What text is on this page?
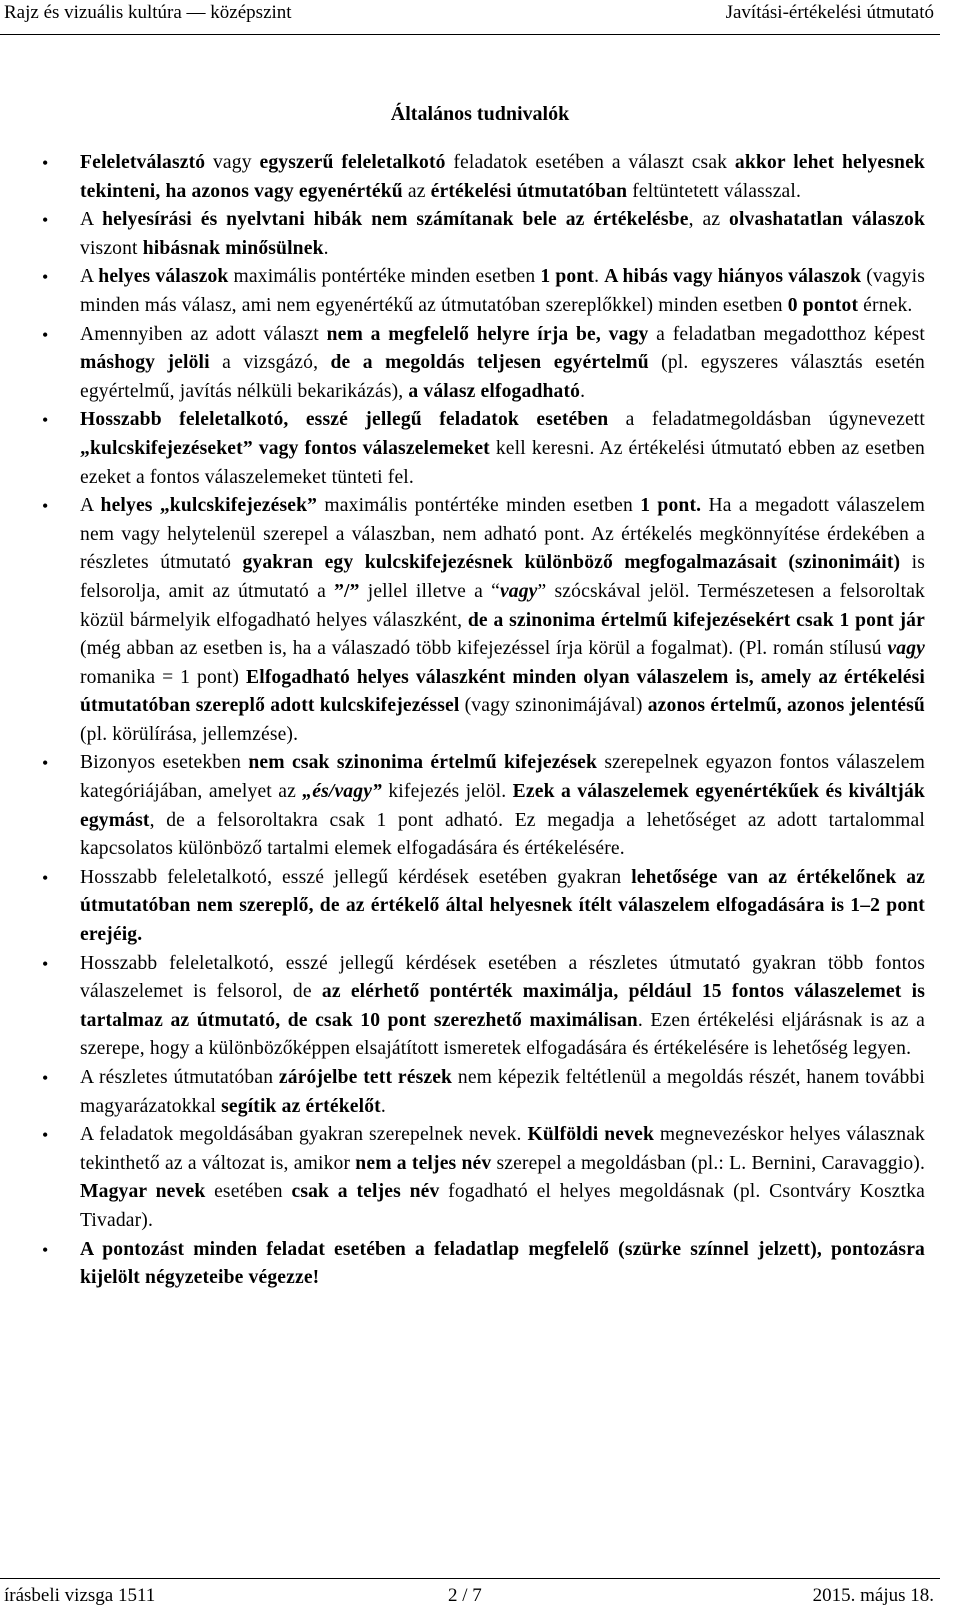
Rajz és vizuális kultúra — középszint	Javítási-értékelési útmutató
Általános tudnivalók
• Feleletválasztó vagy egyszerű feleletalkotó feladatok esetében a választ csak akkor lehet helyesnek tekinteni, ha azonos vagy egyenértékű az értékelési útmutatóban feltüntetett válasszal.
• A helyesírási és nyelvtani hibák nem számítanak bele az értékelésbe, az olvashatatlan válaszok viszont hibásnak minősülnek.
• A helyes válaszok maximális pontértéke minden esetben 1 pont. A hibás vagy hiányos válaszok (vagyis minden más válasz, ami nem egyenértékű az útmutatóban szereplőkkel) minden esetben 0 pontot érnek.
• Amennyiben az adott választ nem a megfelelő helyre írja be, vagy a feladatban megadotthoz képest máshogy jelöli a vizsgázó, de a megoldás teljesen egyértelmű (pl. egyszeres választás esetén egyértelmű, javítás nélküli bekarikázás), a válasz elfogadható.
• Hosszabb feleletalkotó, esszé jellegű feladatok esetében a feladatmegoldásban úgynevezett „kulcskifejezéseket” vagy fontos válaszelemeket kell keresni. Az értékelési útmutató ebben az esetben ezeket a fontos válaszelemeket tünteti fel.
• A helyes „kulcskifejezések” maximális pontértéke minden esetben 1 pont. Ha a megadott válaszelem nem vagy helytelenül szerepel a válaszban, nem adható pont. Az értékelés megkönnyítése érdekében a részletes útmutató gyakran egy kulcskifejezésnek különböző megfogalmazásait (szinonimáit) is felsorolja, amit az útmutató a ”/” jellel illetve a “vagy” szócskával jelöl. Természetesen a felsoroltak közül bármelyik elfogadható helyes válaszként, de a szinonima értelmű kifejezésekért csak 1 pont jár (még abban az esetben is, ha a válaszadó több kifejezéssel írja körül a fogalmat). (Pl. román stílusú vagy romanika = 1 pont) Elfogadható helyes válaszként minden olyan válaszelem is, amely az értékelési útmutatóban szereplő adott kulcskifejezéssel (vagy szinonimájával) azonos értelmű, azonos jelentésű (pl. körülírása, jellemzése).
• Bizonyos esetekben nem csak szinonima értelmű kifejezések szerepelnek egyazon fontos válaszelem kategóriájában, amelyet az „és/vagy” kifejezés jelöl. Ezek a válaszelemek egyenértékűek és kiváltják egymást, de a felsoroltakra csak 1 pont adható. Ez megadja a lehetőséget az adott tartalommal kapcsolatos különböző tartalmi elemek elfogadására és értékelésére.
• Hosszabb feleletalkotó, esszé jellegű kérdések esetében gyakran lehetősége van az értékelőnek az útmutatóban nem szereplő, de az értékelő által helyesnek ítélt válaszelem elfogadására is 1–2 pont erejéig.
• Hosszabb feleletalkotó, esszé jellegű kérdések esetében a részletes útmutató gyakran több fontos válaszelemet is felsorol, de az elérhető pontérték maximálja, például 15 fontos válaszelemet is tartalmaz az útmutató, de csak 10 pont szerezhető maximálisan. Ezen értékelési eljárásnak is az a szerepe, hogy a különbözőképpen elsajátított ismeretek elfogadására és értékelésére is lehetőség legyen.
• A részletes útmutatóban zárójelbe tett részek nem képezik feltétlenül a megoldás részét, hanem további magyarázatokkal segítik az értékelőt.
• A feladatok megoldásában gyakran szerepelnek nevek. Külföldi nevek megnevezéskor helyes válasznak tekinthető az a változat is, amikor nem a teljes név szerepel a megoldásban (pl.: L. Bernini, Caravaggio). Magyar nevek esetében csak a teljes név fogadható el helyes megoldásnak (pl. Csontváry Kosztka Tivadar).
• A pontozást minden feladat esetében a feladatlap megfelelő (szürke színnel jelzett), pontozásra kijelölt négyzeteibe végezze!
írásbeli vizsga 1511	2 / 7	2015. május 18.
